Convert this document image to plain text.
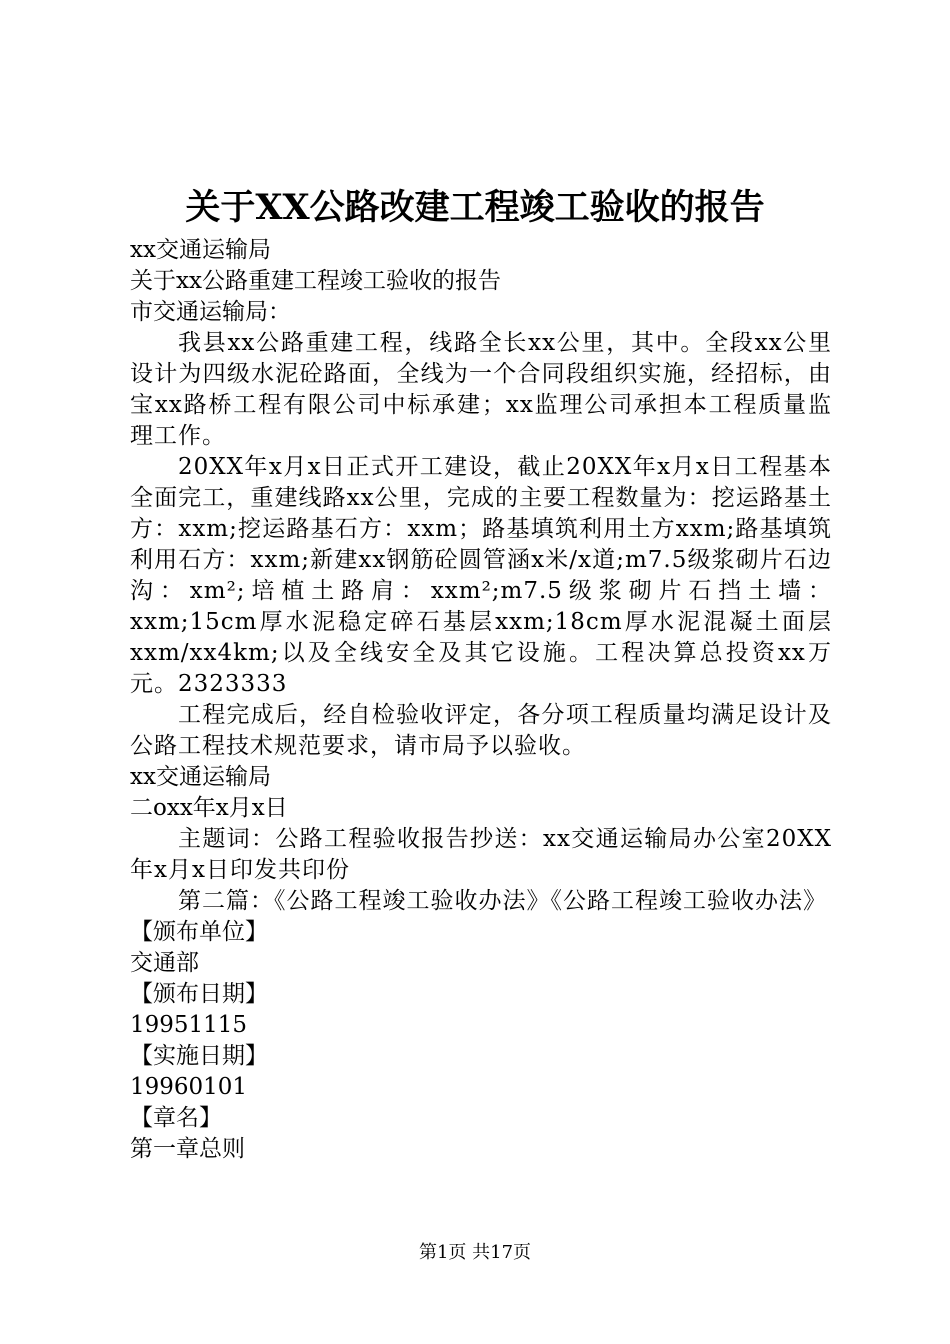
关于XX公路改建工程竣工验收的报告

xx交通运输局

关于xx公路重建工程竣工验收的报告

市交通运输局：

我县xx公路重建工程，线路全长xx公里，其中。全段xx公里设计为四级水泥砼路面，全线为一个合同段组织实施，经招标，由宝xx路桥工程有限公司中标承建；xx监理公司承担本工程质量监理工作。

20XX年x月x日正式开工建设，截止20XX年x月x日工程基本全面完工，重建线路xx公里，完成的主要工程数量为：挖运路基土方：xxm;挖运路基石方：xxm；路基填筑利用土方xxm;路基填筑利用石方：xxm;新建xx钢筋砼圆管涵x米/x道;m7.5级浆砌片石边沟：xm²;培植土路肩：xxm²;m7.5级浆砌片石挡土墙：xxm;15cm厚水泥稳定碎石基层xxm;18cm厚水泥混凝土面层xxm/xx4km;以及全线安全及其它设施。工程决算总投资xx万元。2323333

工程完成后，经自检验收评定，各分项工程质量均满足设计及公路工程技术规范要求，请市局予以验收。

xx交通运输局

二oxx年x月x日

主题词：公路工程验收报告抄送：xx交通运输局办公室20XX年x月x日印发共印份

第二篇：《公路工程竣工验收办法》《公路工程竣工验收办法》

【颁布单位】

交通部

【颁布日期】

19951115

【实施日期】

19960101

【章名】

第一章总则

第1页 共17页
